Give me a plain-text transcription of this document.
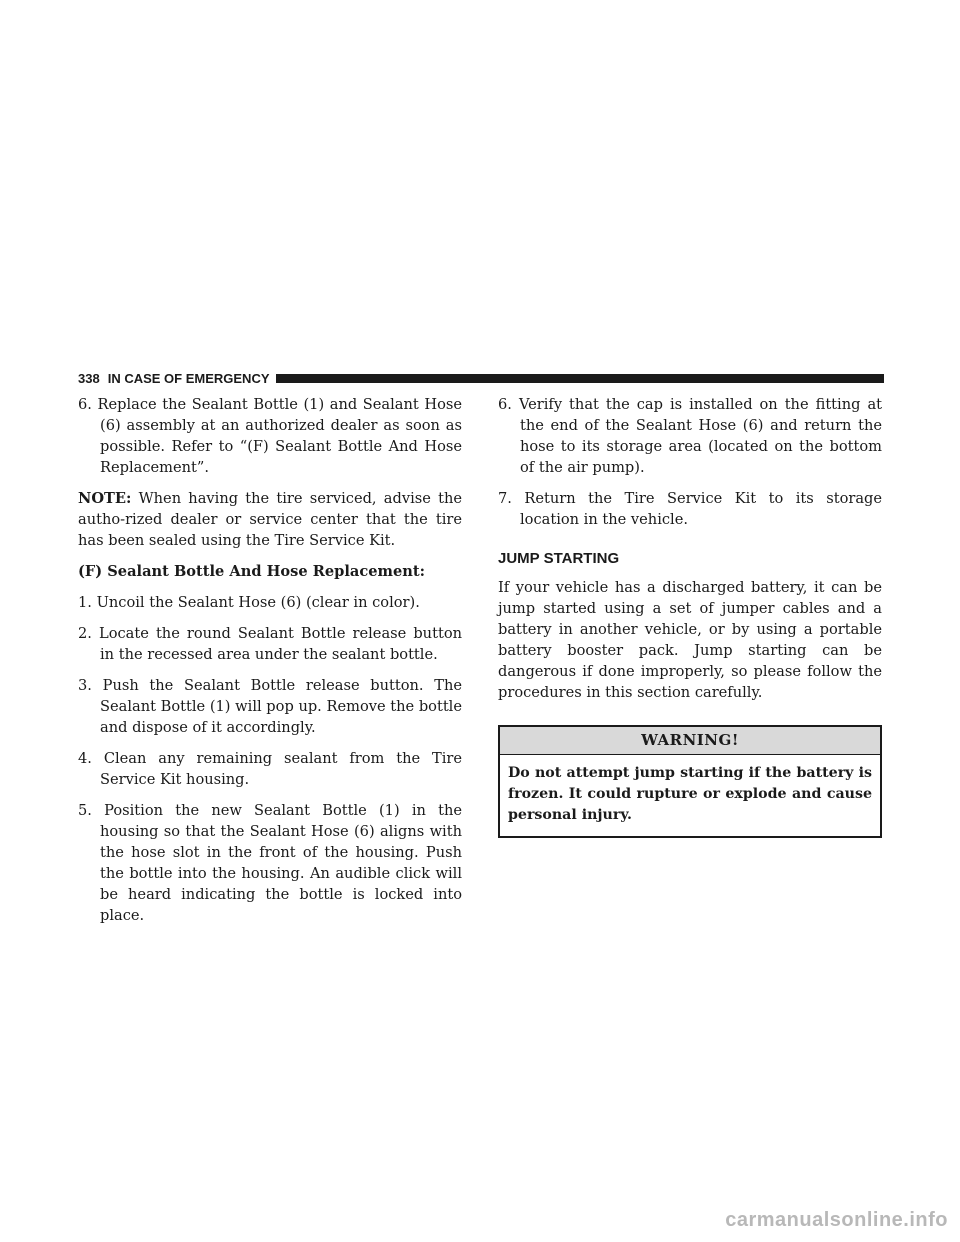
338 IN CASE OF EMERGENCY

6. Replace the Sealant Bottle (1) and Sealant Hose (6) assembly at an authorized dealer as soon as possible. Refer to “(F) Sealant Bottle And Hose Replacement”.

NOTE: When having the tire serviced, advise the autho-rized dealer or service center that the tire has been sealed using the Tire Service Kit.

(F) Sealant Bottle And Hose Replacement:

1. Uncoil the Sealant Hose (6) (clear in color).

2. Locate the round Sealant Bottle release button in the recessed area under the sealant bottle.

3. Push the Sealant Bottle release button. The Sealant Bottle (1) will pop up. Remove the bottle and dispose of it accordingly.

4. Clean any remaining sealant from the Tire Service Kit housing.

5. Position the new Sealant Bottle (1) in the housing so that the Sealant Hose (6) aligns with the hose slot in the front of the housing. Push the bottle into the housing. An audible click will be heard indicating the bottle is locked into place.

6. Verify that the cap is installed on the fitting at the end of the Sealant Hose (6) and return the hose to its storage area (located on the bottom of the air pump).

7. Return the Tire Service Kit to its storage location in the vehicle.

JUMP STARTING

If your vehicle has a discharged battery, it can be jump started using a set of jumper cables and a battery in another vehicle, or by using a portable battery booster pack. Jump starting can be dangerous if done improperly, so please follow the procedures in this section carefully.

WARNING!
Do not attempt jump starting if the battery is frozen. It could rupture or explode and cause personal injury.
carmanualsonline.info
